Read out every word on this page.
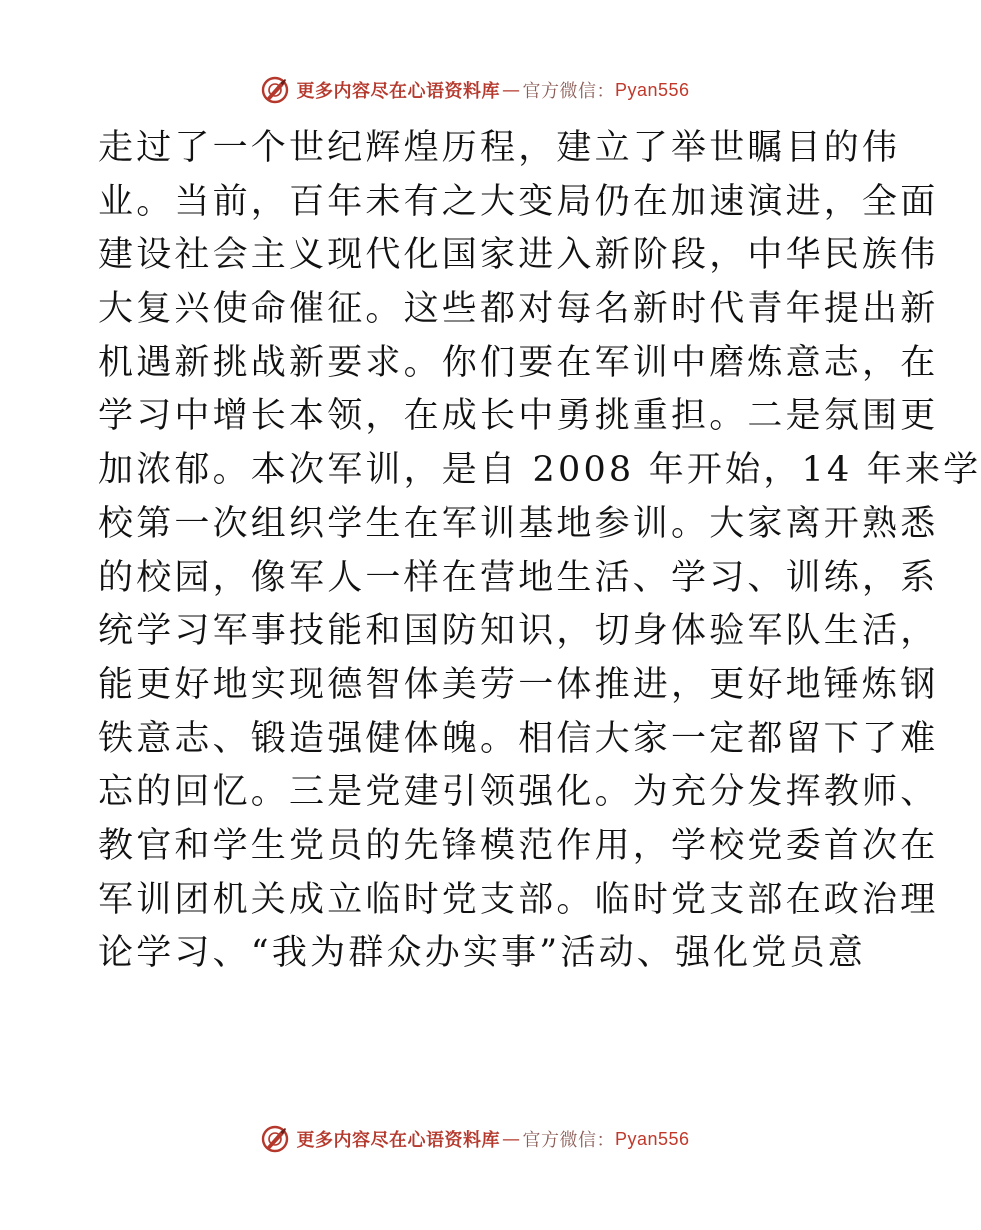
更多内容尽在心语资料库 — 官方微信： Pyan556
走过了一个世纪辉煌历程，建立了举世瞩目的伟
业。当前，百年未有之大变局仍在加速演进，全面
建设社会主义现代化国家进入新阶段，中华民族伟
大复兴使命催征。这些都对每名新时代青年提出新
机遇新挑战新要求。你们要在军训中磨炼意志，在
学习中增长本领，在成长中勇挑重担。二是氛围更
加浓郁。本次军训，是自 2008 年开始，14 年来学
校第一次组织学生在军训基地参训。大家离开熟悉
的校园，像军人一样在营地生活、学习、训练，系
统学习军事技能和国防知识，切身体验军队生活，
能更好地实现德智体美劳一体推进，更好地锤炼钢
铁意志、锻造强健体魄。相信大家一定都留下了难
忘的回忆。三是党建引领强化。为充分发挥教师、
教官和学生党员的先锋模范作用，学校党委首次在
军训团机关成立临时党支部。临时党支部在政治理
论学习、“我为群众办实事”活动、强化党员意
更多内容尽在心语资料库 — 官方微信： Pyan556
